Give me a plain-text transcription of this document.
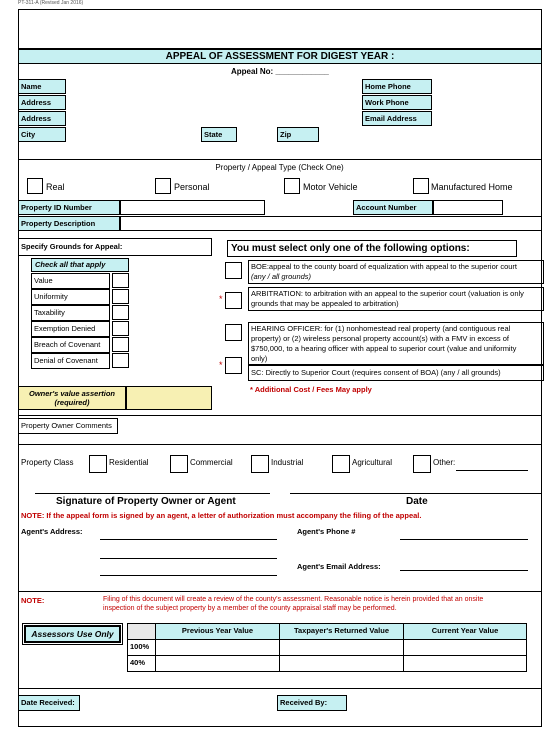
PT-311-A (Revised Jan 2016)
APPEAL OF ASSESSMENT FOR DIGEST YEAR :
Appeal No: ____________
Name
Address
Address
City	State	Zip
Home Phone
Work Phone
Email Address
Property / Appeal Type (Check One)
Real	Personal	Motor Vehicle	Manufactured Home
Property ID Number	Account Number
Property Description
Specify Grounds for Appeal:
Check all that apply
Value
Uniformity
Taxability
Exemption Denied
Breach of Covenant
Denial of Covenant
Owner's value assertion
(required)
You must select only one of the following options:
BOE:appeal to the county board of equalization with appeal to the superior court
(any / all grounds)
*
ARBITRATION: to arbitration with an appeal to the superior court (valuation is only
grounds that may be appealed to arbitration)
HEARING OFFICER: for (1) nonhomestead real property (and contiguous real
property) or (2) wireless personal property account(s) with a FMV in excess of
$750,000, to a hearing officer with appeal to superior court (value and uniformity
only)
*
SC: Directly to Superior Court (requires consent of BOA) (any / all grounds)
* Additional Cost / Fees May apply
Property Owner Comments
Property Class	Residential	Commercial	Industrial	Agricultural	Other:
Signature of Property Owner or Agent	Date
NOTE: If the appeal form is signed by an agent, a letter of authorization must accompany the filing of the appeal.
Agent's Address:	Agent's Phone #
Agent's Email Address:
NOTE:	Filing of this document will create a review of the county's assessment. Reasonable notice is herein provided that an onsite
inspection of the subject property by a member of the county appraisal staff may be performed.
Assessors Use Only	Previous Year Value	Taxpayer's Returned Value	Current Year Value
100%
40%
Date Received:	Received By:
